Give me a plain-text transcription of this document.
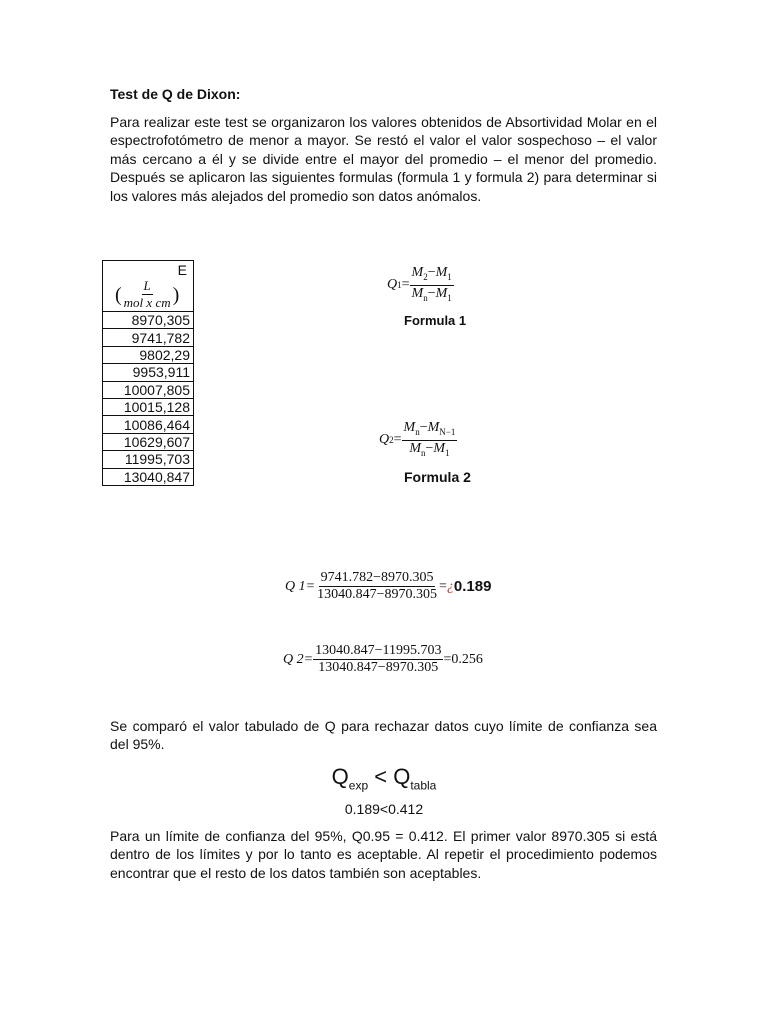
Test de Q de Dixon:
Para realizar este test se organizaron los valores obtenidos de Absortividad Molar en el espectrofotómetro de menor a mayor. Se restó el valor el valor sospechoso – el valor más cercano a él y se divide entre el mayor del promedio – el menor del promedio. Después se aplicaron las siguientes formulas (formula 1 y formula 2) para determinar si los valores más alejados del promedio son datos anómalos.
E
( $\frac{L}{\text{mol x cm}}$ )

8970,305
9741,782
9802,29
9953,911
10007,805
10015,128
10086,464
10629,607
11995,703
13040,847
Q $1 = \frac{M_2-M_1}{M_n-M_1}$
Formula 1
Q $2 = \frac{M_n-M_{N-1}}{M_n-M_1}$
Formula 2
Q $1= \frac{9741.782-8970.305}{13040.847-8970.305}$ = ¿ 0.189
Q $2= \frac{13040.847-11995.703}{13040.847-8970.305} = 0.256$
Se comparó el valor tabulado de Q para rechazar datos cuyo límite de confianza sea del 95%.
$Q_{exp} < Q_{tabla}$
0.189<0.412
Para un límite de confianza del 95%, Q0.95 = 0.412. El primer valor 8970.305 si está dentro de los límites y por lo tanto es aceptable. Al repetir el procedimiento podemos encontrar que el resto de los datos también son aceptables.
